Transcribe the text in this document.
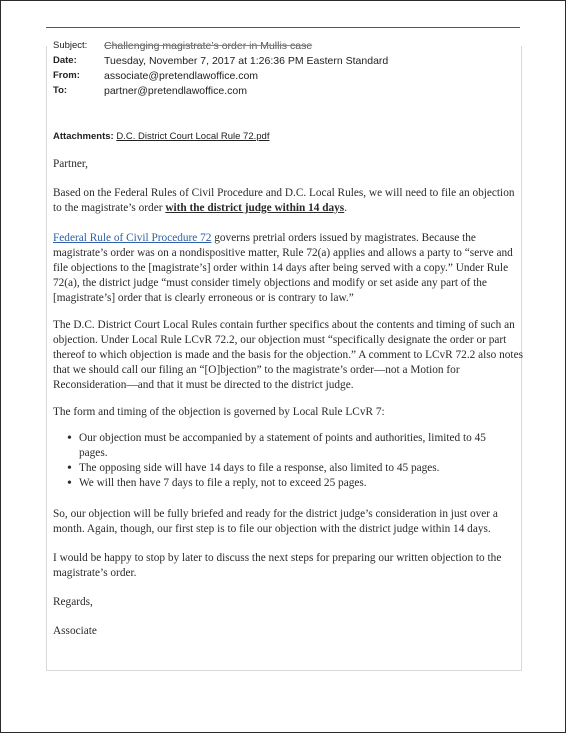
Subject:	Challenging magistrate’s order in Mullis case
Date:	Tuesday, November 7, 2017 at 1:26:36 PM Eastern Standard
From:	associate@pretendlawoffice.com
To:	partner@pretendlawoffice.com
Attachments: D.C. District Court Local Rule 72.pdf

Partner,

Based on the Federal Rules of Civil Procedure and D.C. Local Rules, we will need to file an objection to the magistrate’s order with the district judge within 14 days.

Federal Rule of Civil Procedure 72 governs pretrial orders issued by magistrates. Because the magistrate’s order was on a nondispositive matter, Rule 72(a) applies and allows a party to “serve and file objections to the [magistrate’s] order within 14 days after being served with a copy.” Under Rule 72(a), the district judge “must consider timely objections and modify or set aside any part of the [magistrate’s] order that is clearly erroneous or is contrary to law.”

The D.C. District Court Local Rules contain further specifics about the contents and timing of such an objection. Under Local Rule LCvR 72.2, our objection must “specifically designate the order or part thereof to which objection is made and the basis for the objection.” A comment to LCvR 72.2 also notes that we should call our filing an “[O]bjection” to the magistrate’s order—not a Motion for Reconsideration—and that it must be directed to the district judge.

The form and timing of the objection is governed by Local Rule LCvR 7:

• Our objection must be accompanied by a statement of points and authorities, limited to 45 pages.
• The opposing side will have 14 days to file a response, also limited to 45 pages.
• We will then have 7 days to file a reply, not to exceed 25 pages.

So, our objection will be fully briefed and ready for the district judge’s consideration in just over a month. Again, though, our first step is to file our objection with the district judge within 14 days.

I would be happy to stop by later to discuss the next steps for preparing our written objection to the magistrate’s order.

Regards,

Associate
